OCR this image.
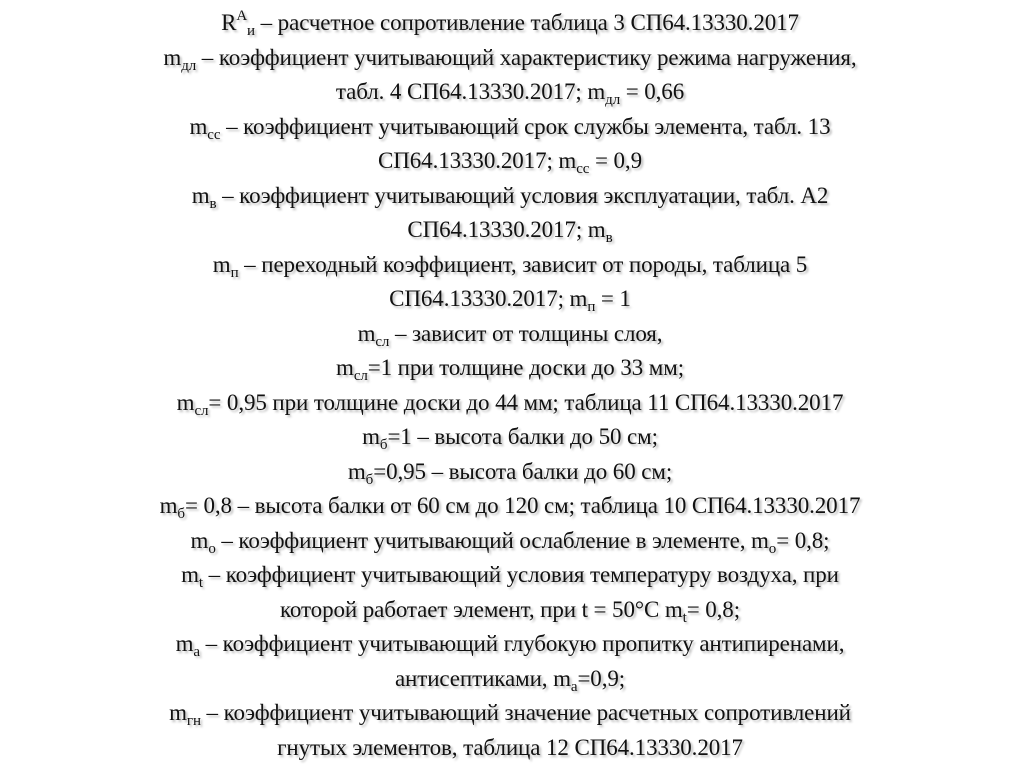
$R^А_и$ – расчетное сопротивление таблица 3 СП64.13330.2017
$m_{дл}$ – коэффициент учитывающий характеристику режима нагружения,
табл. 4 СП64.13330.2017; $m_{дл} = 0,66$
$m_{сс}$ – коэффициент учитывающий срок службы элемента, табл. 13
СП64.13330.2017; $m_{сс} = 0,9$
$m_в$ – коэффициент учитывающий условия эксплуатации, табл. А2
СП64.13330.2017; $m_в$
$m_п$ – переходный коэффициент, зависит от породы, таблица 5
СП64.13330.2017; $m_п = 1$
$m_{сл}$ – зависит от толщины слоя,
$m_{сл}=1$ при толщине доски до 33 мм;
$m_{сл}= 0,95$ при толщине доски до 44 мм; таблица 11 СП64.13330.2017
$m_б=1$ – высота балки до 50 см;
$m_б=0,95$ – высота балки до 60 см;
$m_б= 0,8$ – высота балки от 60 см до 120 см; таблица 10 СП64.13330.2017
$m_о$ – коэффициент учитывающий ослабление в элементе, $m_о= 0,8$;
$m_t$ – коэффициент учитывающий условия температуру воздуха, при
которой работает элемент, при t = 50°С $m_t= 0,8$;
$m_а$ – коэффициент учитывающий глубокую пропитку антипиренами,
антисептиками, $m_а=0,9$;
$m_{гн}$ – коэффициент учитывающий значение расчетных сопротивлений
гнутых элементов, таблица 12 СП64.13330.2017
